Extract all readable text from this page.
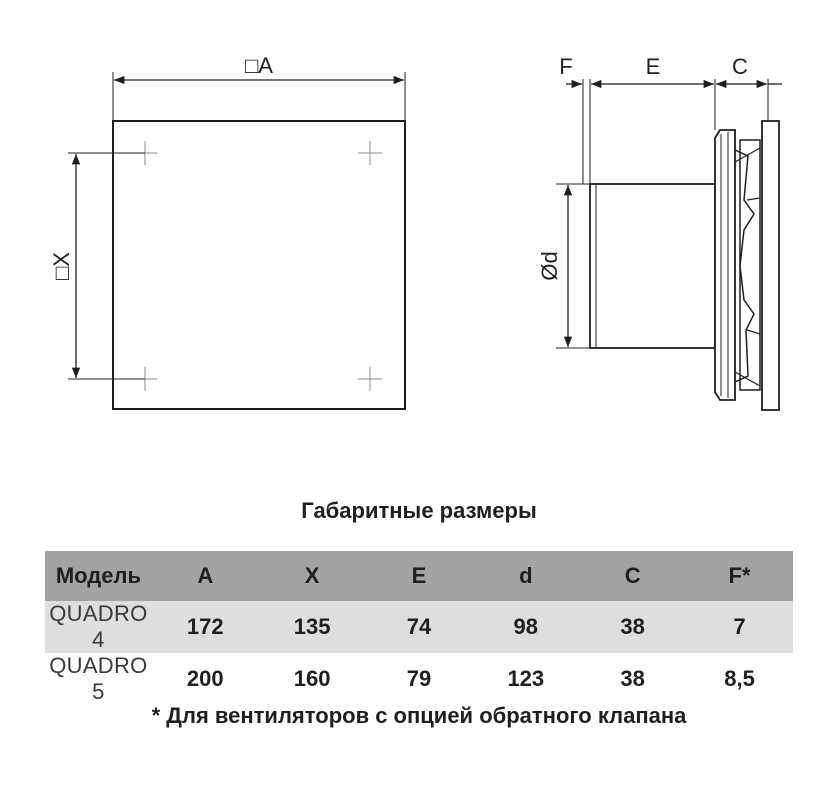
□A
□X
F	E	C
Ød
Габаритные размеры
Модель	A	X	E	d	C	F*
QUADRO 4	172	135	74	98	38	7
QUADRO 5	200	160	79	123	38	8,5
* Для вентиляторов с опцией обратного клапана
